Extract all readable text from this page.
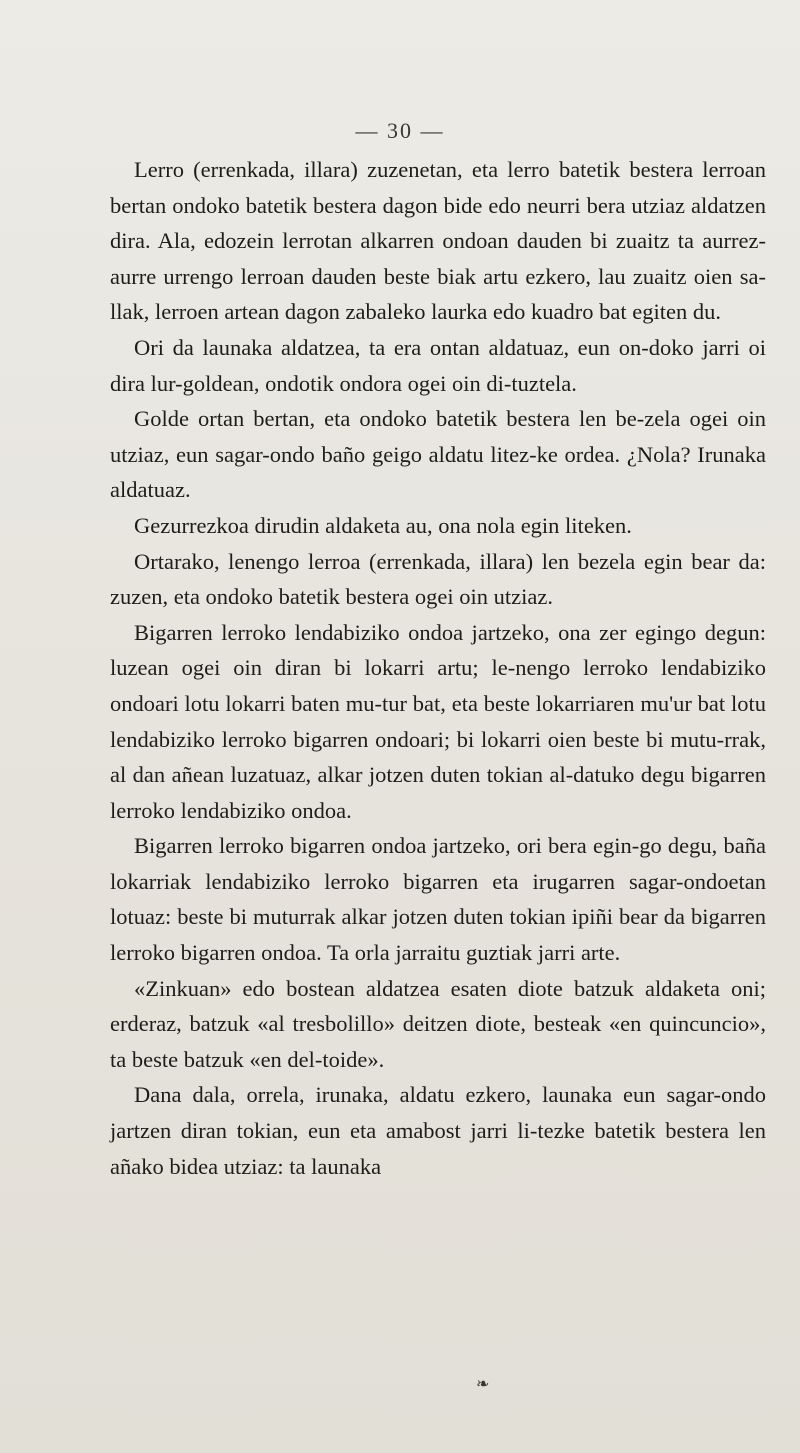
— 30 —

Lerro (errenkada, illara) zuzenetan, eta lerro batetik bestera lerroan bertan ondoko batetik bestera dagon bide edo neurri bera utziaz aldatzen dira. Ala, edozein lerrotan alkarren ondoan dauden bi zuaitz ta aurrez-aurre urrengo lerroan dauden beste biak artu ezkero, lau zuaitz oien sa-llak, lerroen artean dagon zabaleko laurka edo kuadro bat egiten du.

Ori da launaka aldatzea, ta era ontan aldatuaz, eun on-doko jarri oi dira lur-goldean, ondotik ondora ogei oin di-tuztela.

Golde ortan bertan, eta ondoko batetik bestera len be-zela ogei oin utziaz, eun sagar-ondo baño geigo aldatu litez-ke ordea. ¿Nola? Irunaka aldatuaz.

Gezurrezkoa dirudin aldaketa au, ona nola egin liteken.

Ortarako, lenengo lerroa (errenkada, illara) len bezela egin bear da: zuzen, eta ondoko batetik bestera ogei oin utziaz.

Bigarren lerroko lendabiziko ondoa jartzeko, ona zer egingo degun: luzean ogei oin diran bi lokarri artu; le-nengo lerroko lendabiziko ondoari lotu lokarri baten mu-tur bat, eta beste lokarriaren mu'ur bat lotu lendabiziko lerroko bigarren ondoari; bi lokarri oien beste bi mutu-rrak, al dan añean luzatuaz, alkar jotzen duten tokian al-datuko degu bigarren lerroko lendabiziko ondoa.

Bigarren lerroko bigarren ondoa jartzeko, ori bera egin-go degu, baña lokarriak lendabiziko lerroko bigarren eta irugarren sagar-ondoetan lotuaz: beste bi muturrak alkar jotzen duten tokian ipiñi bear da bigarren lerroko bigarren ondoa. Ta orla jarraitu guztiak jarri arte.

«Zinkuan» edo bostean aldatzea esaten diote batzuk aldaketa oni; erderaz, batzuk «al tresbolillo» deitzen diote, besteak «en quincuncio», ta beste batzuk «en del-toide».

Dana dala, orrela, irunaka, aldatu ezkero, launaka eun sagar-ondo jartzen diran tokian, eun eta amabost jarri li-tezke batetik bestera len añako bidea utziaz: ta launaka

❧
